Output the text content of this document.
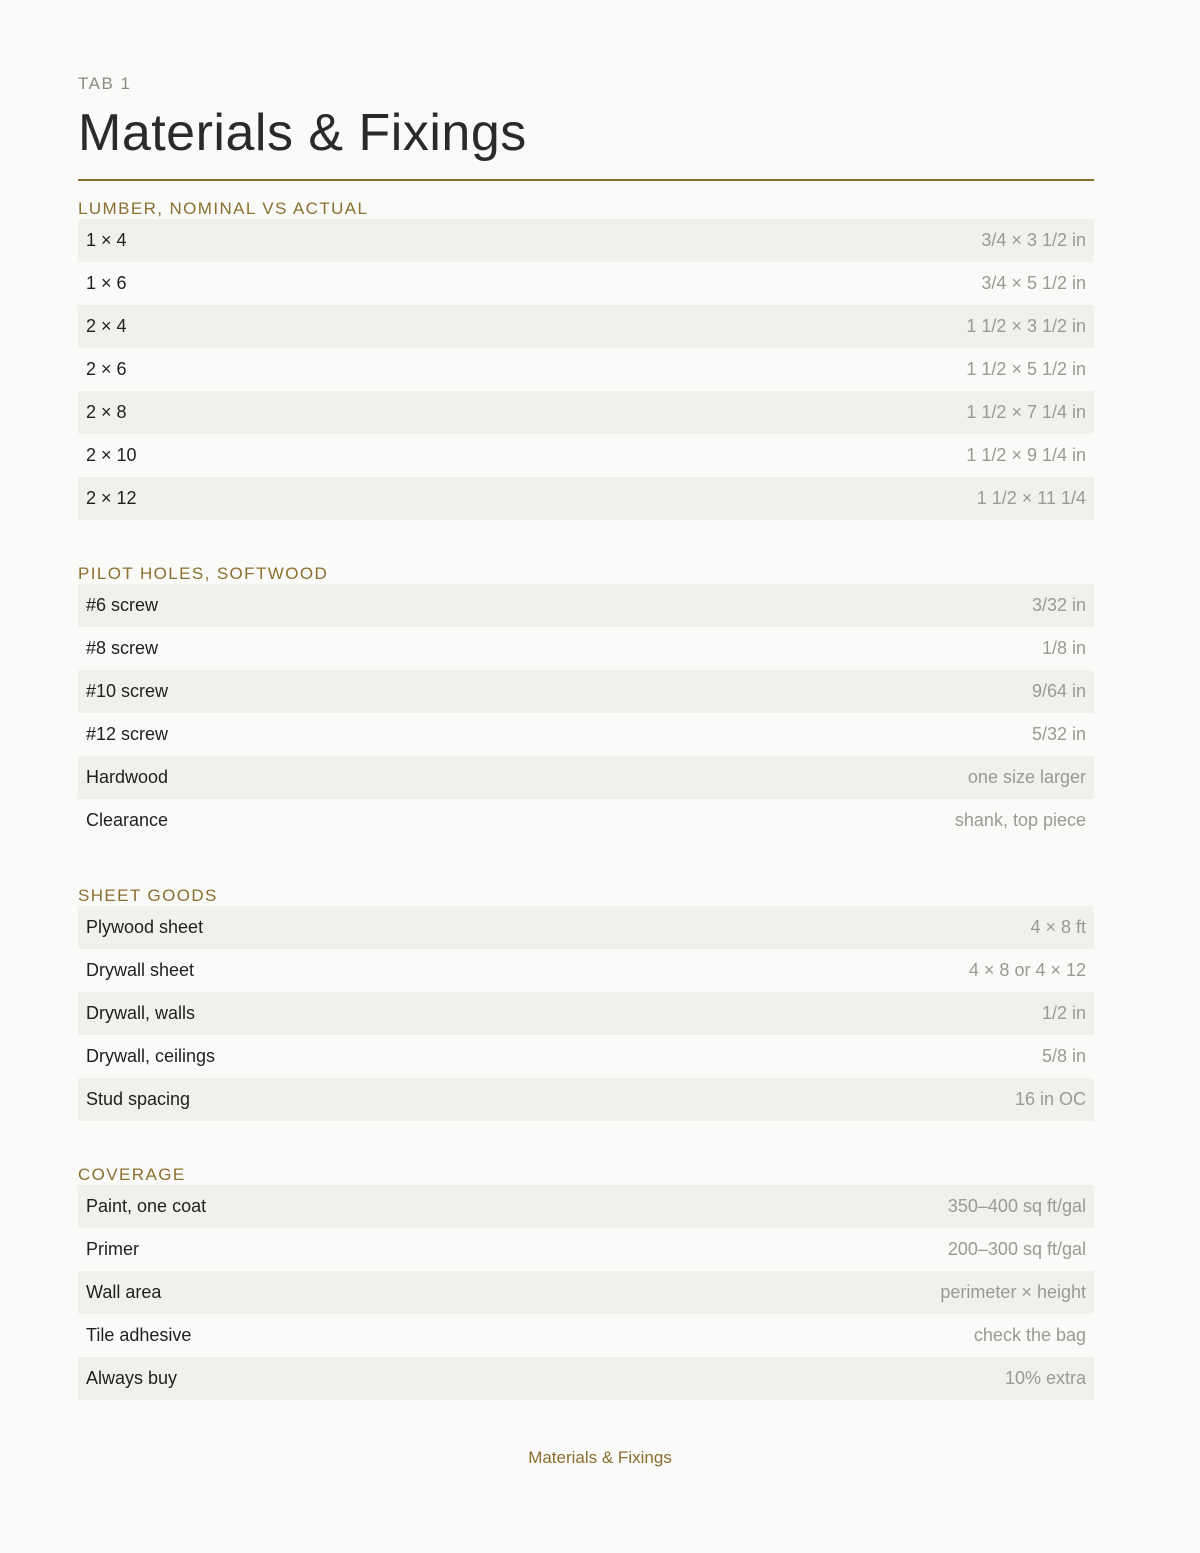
TAB 1
Materials & Fixings
LUMBER, NOMINAL VS ACTUAL
1 × 4	3/4 × 3 1/2 in
1 × 6	3/4 × 5 1/2 in
2 × 4	1 1/2 × 3 1/2 in
2 × 6	1 1/2 × 5 1/2 in
2 × 8	1 1/2 × 7 1/4 in
2 × 10	1 1/2 × 9 1/4 in
2 × 12	1 1/2 × 11 1/4
PILOT HOLES, SOFTWOOD
#6 screw	3/32 in
#8 screw	1/8 in
#10 screw	9/64 in
#12 screw	5/32 in
Hardwood	one size larger
Clearance	shank, top piece
SHEET GOODS
Plywood sheet	4 × 8 ft
Drywall sheet	4 × 8 or 4 × 12
Drywall, walls	1/2 in
Drywall, ceilings	5/8 in
Stud spacing	16 in OC
COVERAGE
Paint, one coat	350–400 sq ft/gal
Primer	200–300 sq ft/gal
Wall area	perimeter × height
Tile adhesive	check the bag
Always buy	10% extra
Materials & Fixings
